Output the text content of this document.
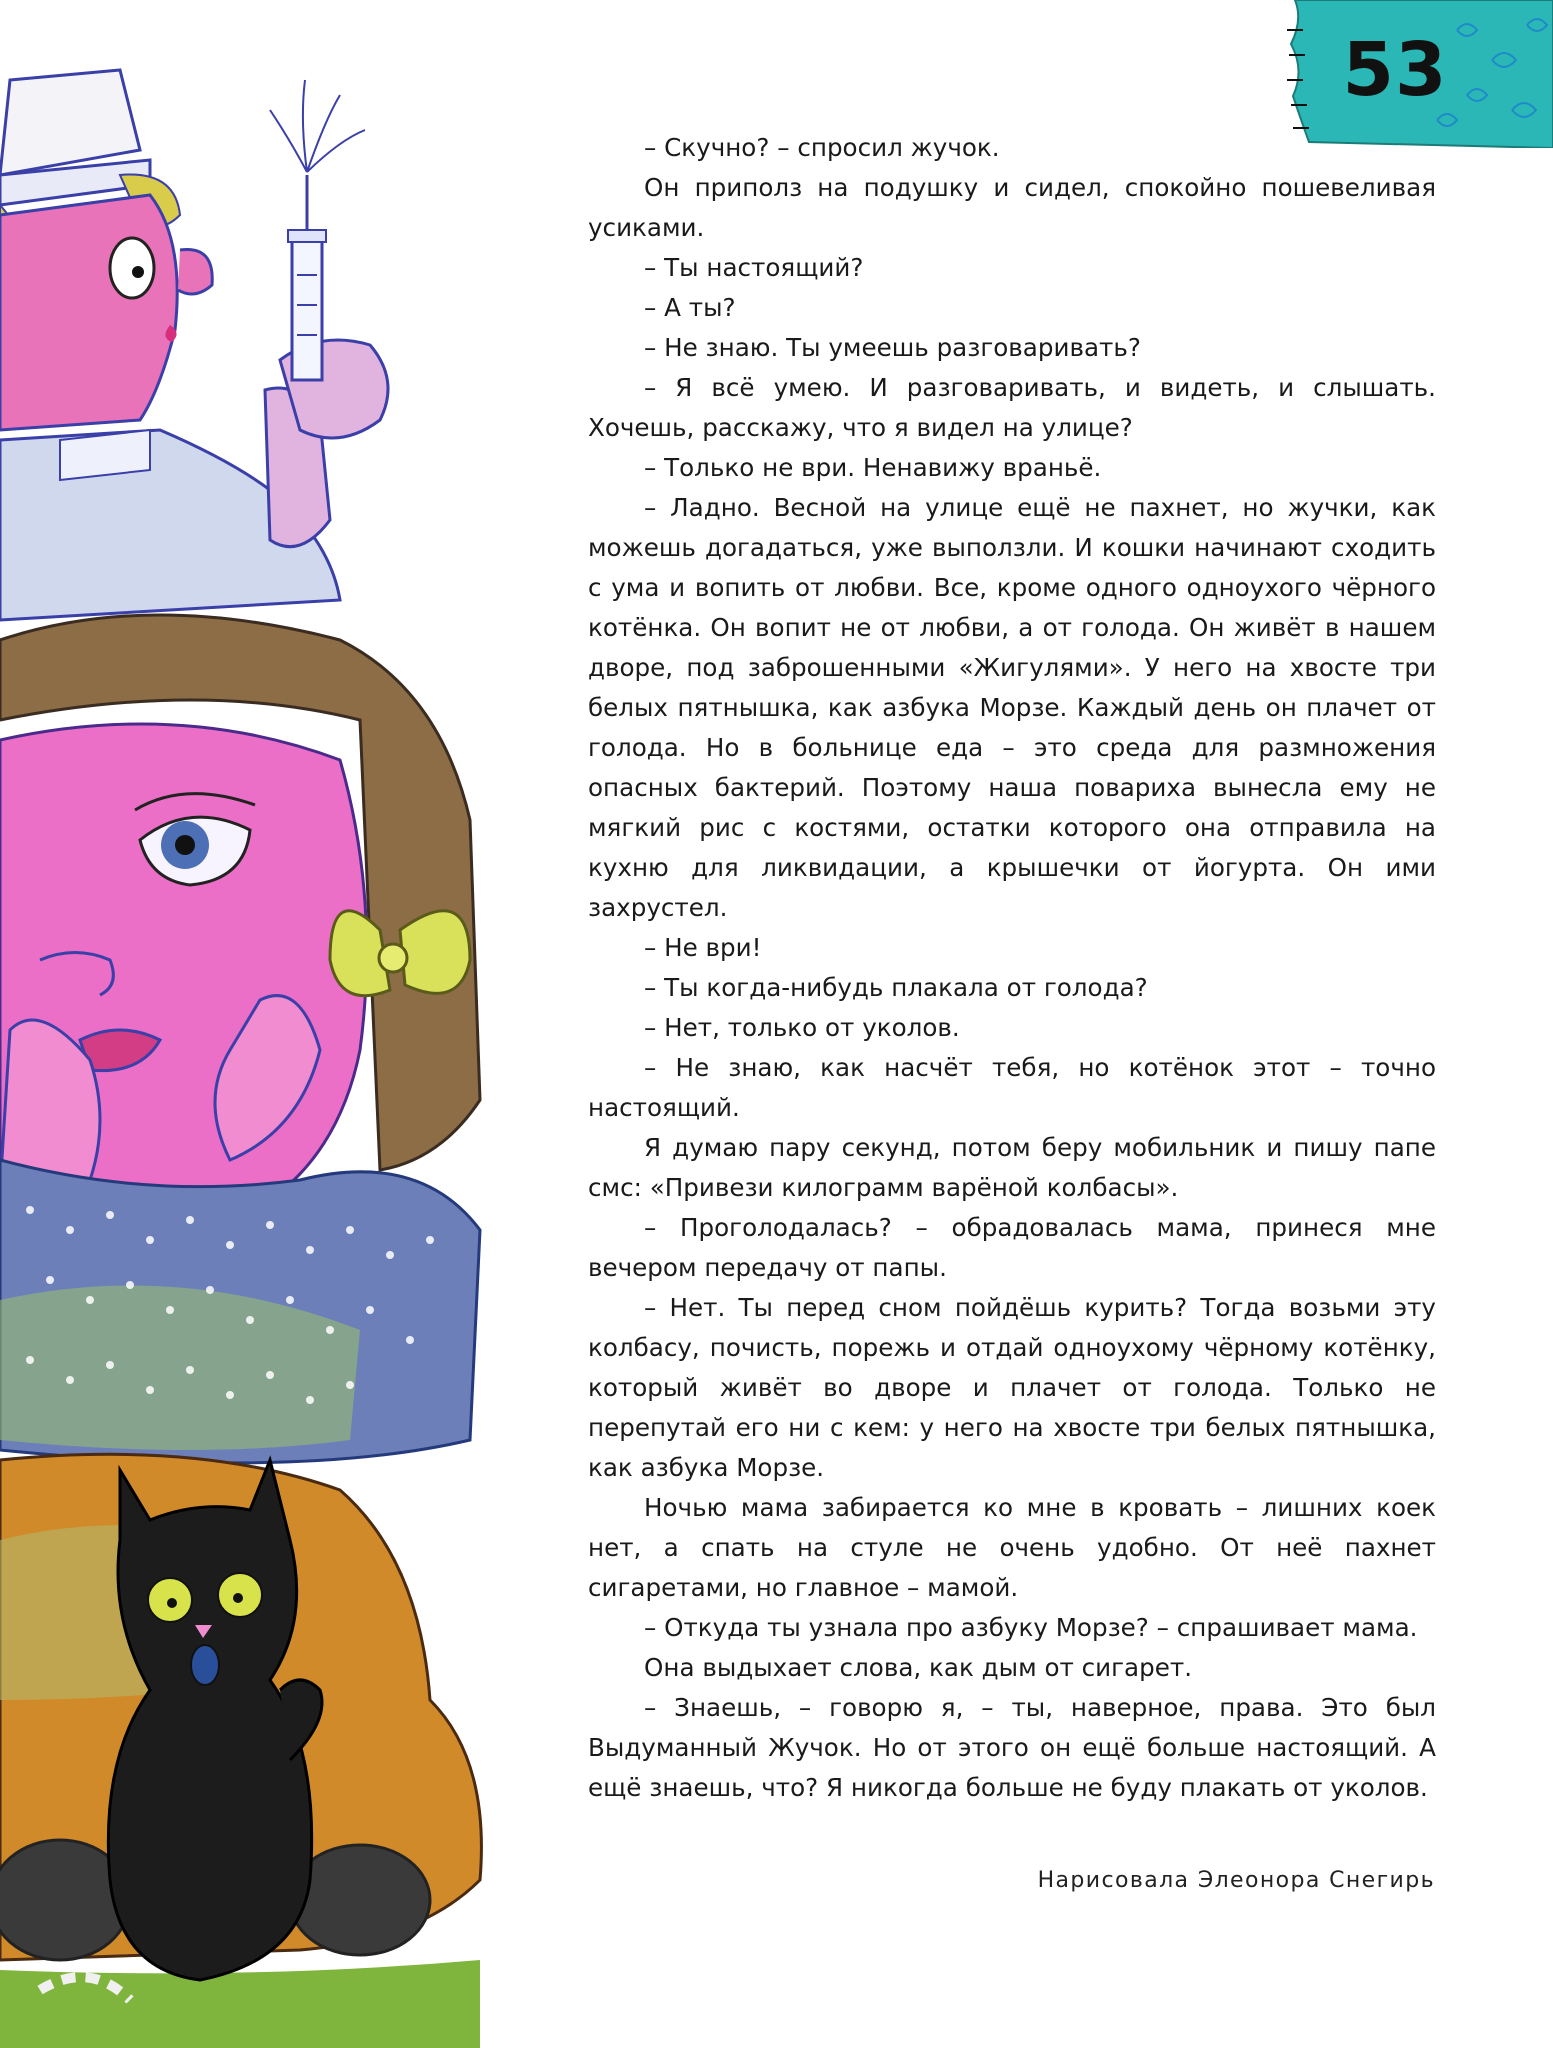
53

– Скучно? – спросил жучок.

Он приполз на подушку и сидел, спокойно пошевеливая усиками.

– Ты настоящий?

– А ты?

– Не знаю. Ты умеешь разговаривать?

– Я всё умею. И разговаривать, и видеть, и слышать. Хочешь, расскажу, что я видел на улице?

– Только не ври. Ненавижу враньё.

– Ладно. Весной на улице ещё не пахнет, но жучки, как можешь догадаться, уже выползли. И кошки начинают сходить с ума и вопить от любви. Все, кроме одного одноухого чёрного котёнка. Он вопит не от любви, а от голода. Он живёт в нашем дворе, под заброшенными «Жигулями». У него на хвосте три белых пятнышка, как азбука Морзе. Каждый день он плачет от голода. Но в больнице еда – это среда для размножения опасных бактерий. Поэтому наша повариха вынесла ему не мягкий рис с костями, остатки которого она отправила на кухню для ликвидации, а крышечки от йогурта. Он ими захрустел.

– Не ври!

– Ты когда-нибудь плакала от голода?

– Нет, только от уколов.

– Не знаю, как насчёт тебя, но котёнок этот – точно настоящий.

Я думаю пару секунд, потом беру мобильник и пишу папе смс: «Привези килограмм варёной колбасы».

– Проголодалась? – обрадовалась мама, принеся мне вечером передачу от папы.

– Нет. Ты перед сном пойдёшь курить? Тогда возьми эту колбасу, почисть, порежь и отдай одноухому чёрному котёнку, который живёт во дворе и плачет от голода. Только не перепутай его ни с кем: у него на хвосте три белых пятнышка, как азбука Морзе.

Ночью мама забирается ко мне в кровать – лишних коек нет, а спать на стуле не очень удобно. От неё пахнет сигаретами, но главное – мамой.

– Откуда ты узнала про азбуку Морзе? – спрашивает мама.

Она выдыхает слова, как дым от сигарет.

– Знаешь, – говорю я, – ты, наверное, права. Это был Выдуманный Жучок. Но от этого он ещё больше настоящий. А ещё знаешь, что? Я никогда больше не буду плакать от уколов.

Нарисовала Элеонора Снегирь
